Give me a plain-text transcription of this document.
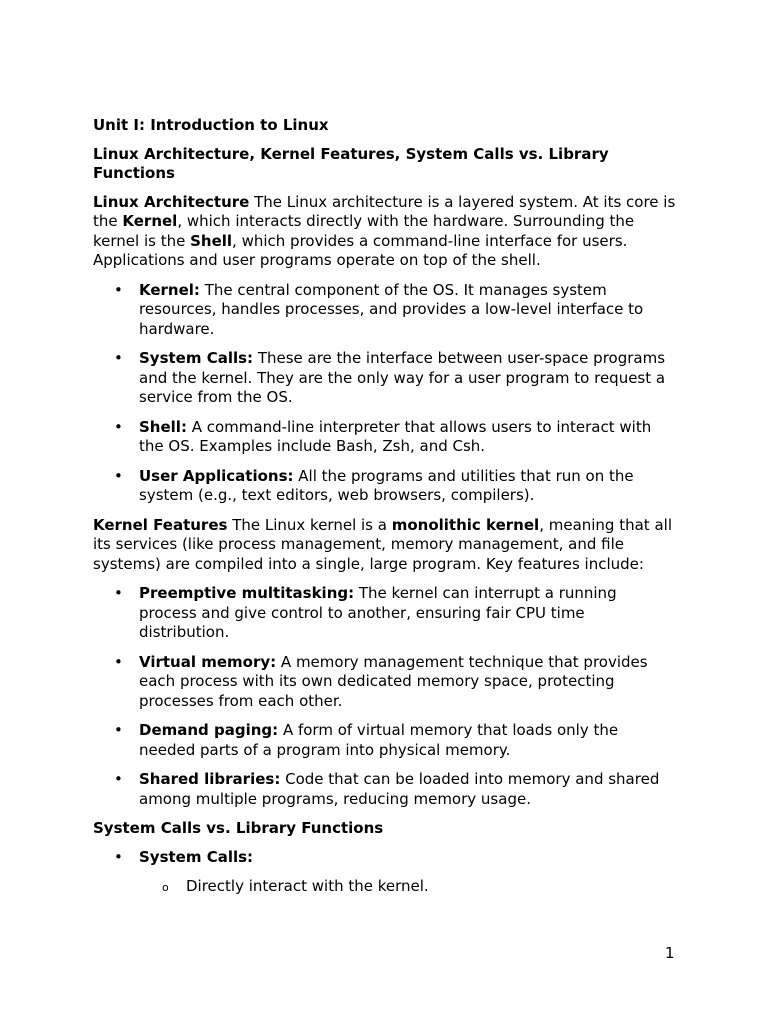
Unit I: Introduction to Linux

Linux Architecture, Kernel Features, System Calls vs. Library Functions

Linux Architecture The Linux architecture is a layered system. At its core is the Kernel, which interacts directly with the hardware. Surrounding the kernel is the Shell, which provides a command-line interface for users. Applications and user programs operate on top of the shell.

• Kernel: The central component of the OS. It manages system resources, handles processes, and provides a low-level interface to hardware.
• System Calls: These are the interface between user-space programs and the kernel. They are the only way for a user program to request a service from the OS.
• Shell: A command-line interpreter that allows users to interact with the OS. Examples include Bash, Zsh, and Csh.
• User Applications: All the programs and utilities that run on the system (e.g., text editors, web browsers, compilers).

Kernel Features The Linux kernel is a monolithic kernel, meaning that all its services (like process management, memory management, and file systems) are compiled into a single, large program. Key features include:

• Preemptive multitasking: The kernel can interrupt a running process and give control to another, ensuring fair CPU time distribution.
• Virtual memory: A memory management technique that provides each process with its own dedicated memory space, protecting processes from each other.
• Demand paging: A form of virtual memory that loads only the needed parts of a program into physical memory.
• Shared libraries: Code that can be loaded into memory and shared among multiple programs, reducing memory usage.

System Calls vs. Library Functions

• System Calls:
o Directly interact with the kernel.
1
